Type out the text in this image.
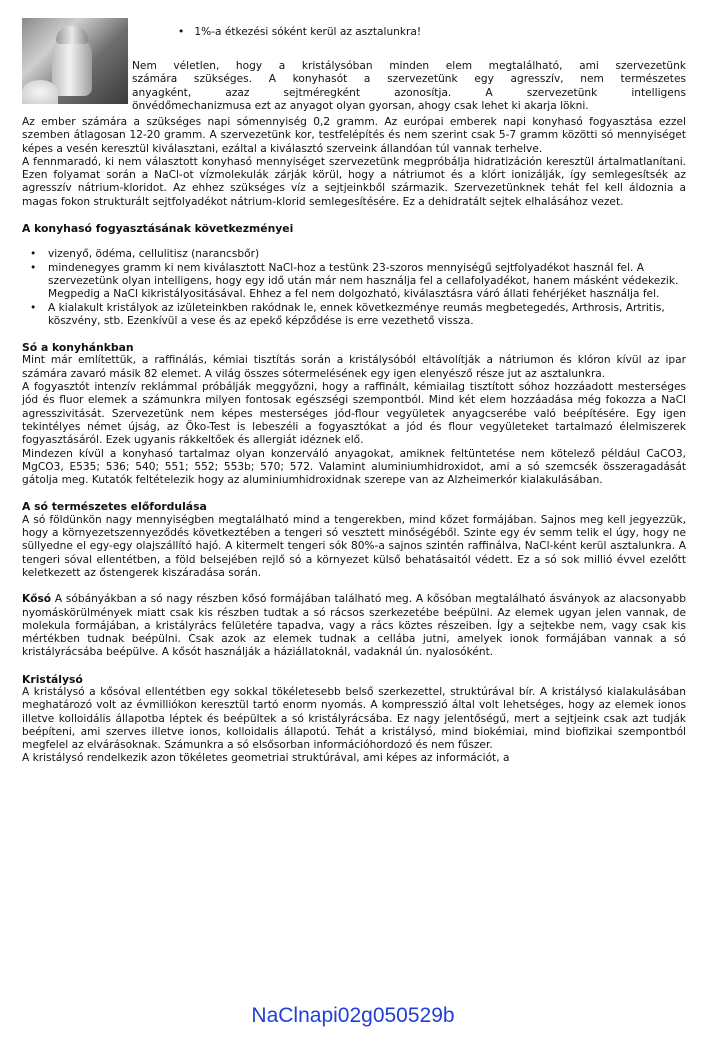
•   1%-a étkezési sóként kerül az asztalunkra!

Nem véletlen, hogy a kristálysóban minden elem megtalálható, ami szervezetünk

számára szükséges. A konyhasót a szervezetünk egy agresszív, nem természetes

anyagként, azaz sejtméregként azonosítja. A szervezetünk intelligens

önvédőmechanizmusa ezt az anyagot olyan gyorsan, ahogy csak lehet ki akarja lökni.

Az ember számára a szükséges napi sómennyiség 0,2 gramm. Az európai emberek napi konyhasó fogyasztása ezzel szemben átlagosan 12-20 gramm. A szervezetünk kor, testfelépítés és nem szerint csak 5-7 gramm közötti só mennyiséget képes a vesén keresztül kiválasztani, ezáltal a kiválasztó szerveink állandóan túl vannak terhelve.

A fennmaradó, ki nem választott konyhasó mennyiséget szervezetünk megpróbálja hidratizáción keresztül ártalmatlanítani. Ezen folyamat során a NaCl-ot vízmolekulák zárják körül, hogy a nátriumot és a klórt ionizálják, így semlegesítsék az agresszív nátrium-kloridot. Az ehhez szükséges víz a sejtjeinkből származik. Szervezetünknek tehát fel kell áldoznia a magas fokon strukturált sejtfolyadékot nátrium-klorid semlegesítésére. Ez a dehidratált sejtek elhalásához vezet.

A konyhasó fogyasztásának következményei
• vizenyő, ödéma, cellulitisz (narancsbőr)
• mindenegyes gramm ki nem kiválasztott NaCl-hoz a testünk 23-szoros mennyiségű sejtfolyadékot használ fel. A szervezetünk olyan intelligens, hogy egy idő után már nem használja fel a cellafolyadékot, hanem másként védekezik. Megpedig a NaCl kikristályositásával. Ehhez a fel nem dolgozható, kiválasztásra váró állati fehérjéket használja fel.
• A kialakult kristályok az izületeinkben rakódnak le, ennek következménye reumás megbetegedés, Arthrosis, Artritis, köszvény, stb. Ezenkívül a vese és az epekő képződése is erre vezethető vissza.
Só a konyhánkban

Mint már említettük, a raffinálás, kémiai tisztítás során a kristálysóból eltávolítják a nátriumon és klóron kívül az ipar számára zavaró másik 82 elemet. A világ összes sótermelésének egy igen elenyésző része jut az asztalunkra.

A fogyasztót intenzív reklámmal próbálják meggyőzni, hogy a raffinált, kémiailag tisztított sóhoz hozzáadott mesterséges jód és fluor elemek a számunkra milyen fontosak egészségi szempontból. Mind két elem hozzáadása még fokozza a NaCl agresszivitását. Szervezetünk nem képes mesterséges jód-flour vegyületek anyagcserébe való beépítésére. Egy igen tekintélyes német újság, az Öko-Test is lebeszéli a fogyasztókat a jód és flour vegyületeket tartalmazó élelmiszerek fogyasztásáról. Ezek ugyanis rákkeltőek és allergiát idéznek elő.

Mindezen kívül a konyhasó tartalmaz olyan konzerváló anyagokat, amiknek feltüntetése nem kötelező például CaCO3, MgCO3, E535; 536; 540; 551; 552; 553b; 570; 572. Valamint aluminiumhidroxidot, ami a só szemcsék összeragadását gátolja meg. Kutatók feltételezik hogy az aluminiumhidroxidnak szerepe van az Alzheimerkór kialakulásában.

A só természetes előfordulása

A só földünkön nagy mennyiségben megtalálható mind a tengerekben, mind kőzet formájában. Sajnos meg kell jegyezzük, hogy a környezetszennyeződés következtében a tengeri só vesztett minőségéből. Szinte egy év semm telik el úgy, hogy ne süllyedne el egy-egy olajszállító hajó. A kitermelt tengeri sók 80%-a sajnos szintén raffinálva, NaCl-ként kerül asztalunkra. A tengeri sóval ellentétben, a föld belsejében rejlő só a környezet külső behatásaitól védett. Ez a só sok millió évvel ezelőtt keletkezett az őstengerek kiszáradása során.

Kősó A sóbányákban a só nagy részben kősó formájában található meg. A kősóban megtalálható ásványok az alacsonyabb nyomáskörülmények miatt csak kis részben tudtak a só rácsos szerkezetébe beépülni. Az elemek ugyan jelen vannak, de molekula formájában, a kristályrács felületére tapadva, vagy a rács köztes részeiben. Így a sejtekbe nem, vagy csak kis mértékben tudnak beépülni. Csak azok az elemek tudnak a cellába jutni, amelyek ionok formájában vannak a só kristályrácsába beépülve. A kősót használják a háziállatoknál, vadaknál ún. nyalosóként.

Kristálysó

A kristálysó a kősóval ellentétben egy sokkal tökéletesebb belső szerkezettel, struktúrával bír. A kristálysó kialakulásában meghatározó volt az évmilliókon keresztül tartó enorm nyomás. A kompresszió által volt lehetséges, hogy az elemek ionos illetve kolloidális állapotba léptek és beépültek a só kristályrácsába. Ez nagy jelentőségű, mert a sejtjeink csak azt tudják beépíteni, ami szerves illetve ionos, kolloidalis állapotú. Tehát a kristálysó, mind biokémiai, mind biofizikai szempontból megfelel az elvárásoknak. Számunkra a só elsősorban információhordozó és nem fűszer.

A kristálysó rendelkezik azon tökéletes geometriai struktúrával, ami képes az információt, a

NaClnapi02g050529b
